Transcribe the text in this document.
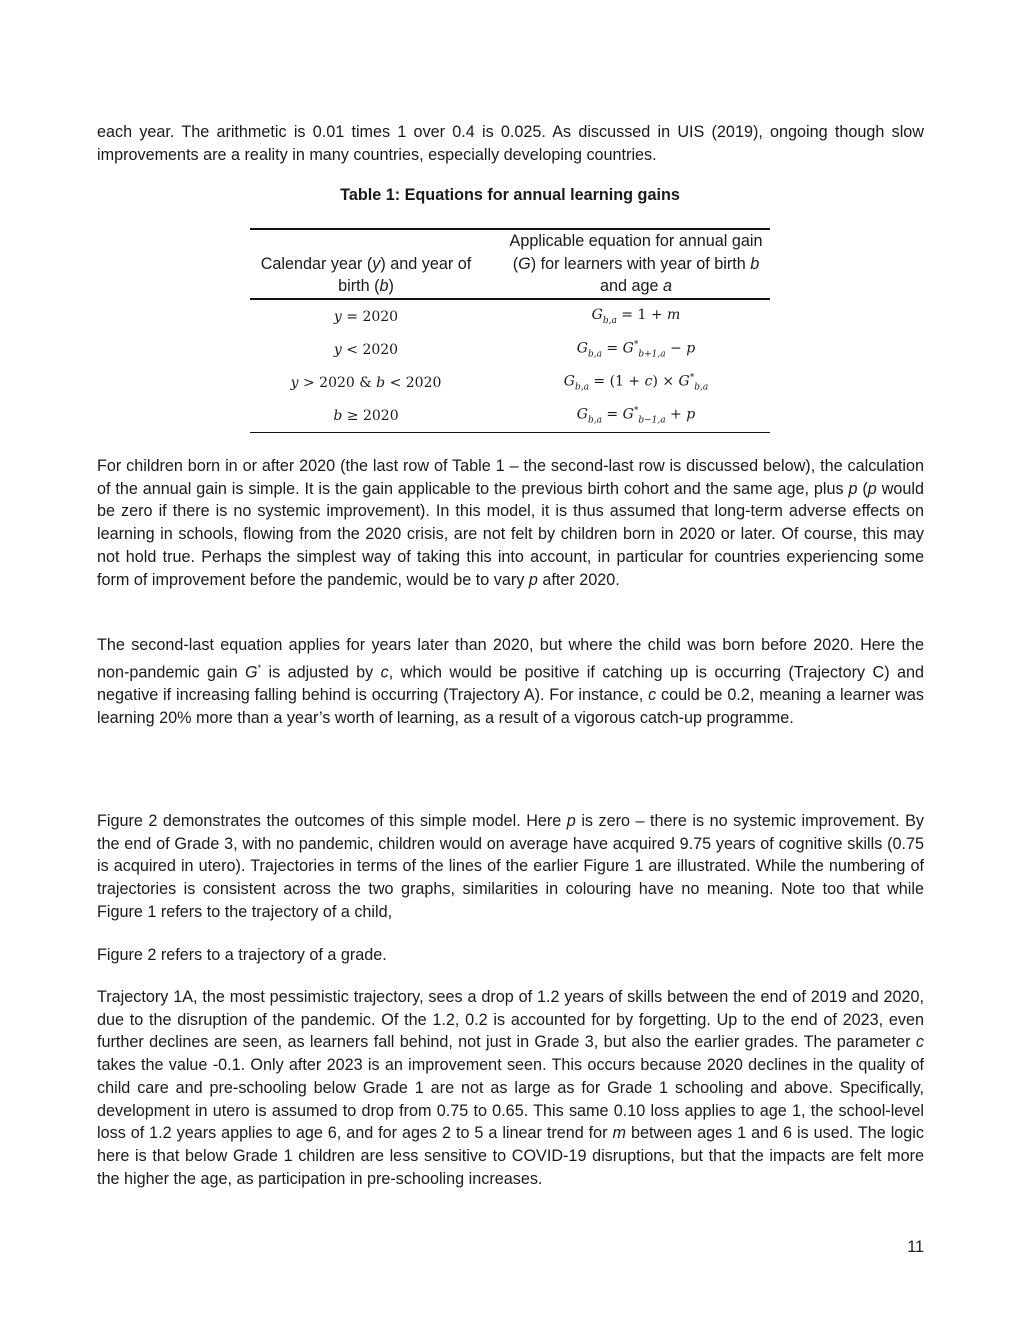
each year. The arithmetic is 0.01 times 1 over 0.4 is 0.025. As discussed in UIS (2019), ongoing though slow improvements are a reality in many countries, especially developing countries.

Table 1: Equations for annual learning gains
Calendar year (y) and year of birth (b)	Applicable equation for annual gain (G) for learners with year of birth b and age a
y = 2020	$G_{b,a} = 1 + m$
y < 2020	$G_{b,a} = G^*_{b+1,a} - p$
y > 2020 & b < 2020	$G_{b,a} = (1 + c) \times G^*_{b,a}$
b ≥ 2020	$G_{b,a} = G^*_{b-1,a} + p$

For children born in or after 2020 (the last row of Table 1 – the second-last row is discussed below), the calculation of the annual gain is simple. It is the gain applicable to the previous birth cohort and the same age, plus p (p would be zero if there is no systemic improvement). In this model, it is thus assumed that long-term adverse effects on learning in schools, flowing from the 2020 crisis, are not felt by children born in 2020 or later. Of course, this may not hold true. Perhaps the simplest way of taking this into account, in particular for countries experiencing some form of improvement before the pandemic, would be to vary p after 2020.

The second-last equation applies for years later than 2020, but where the child was born before 2020. Here the non-pandemic gain G* is adjusted by c, which would be positive if catching up is occurring (Trajectory C) and negative if increasing falling behind is occurring (Trajectory A). For instance, c could be 0.2, meaning a learner was learning 20% more than a year’s worth of learning, as a result of a vigorous catch-up programme.

Figure 2 demonstrates the outcomes of this simple model. Here p is zero – there is no systemic improvement. By the end of Grade 3, with no pandemic, children would on average have acquired 9.75 years of cognitive skills (0.75 is acquired in utero). Trajectories in terms of the lines of the earlier Figure 1 are illustrated. While the numbering of trajectories is consistent across the two graphs, similarities in colouring have no meaning. Note too that while Figure 1 refers to the trajectory of a child,

Figure 2 refers to a trajectory of a grade.

Trajectory 1A, the most pessimistic trajectory, sees a drop of 1.2 years of skills between the end of 2019 and 2020, due to the disruption of the pandemic. Of the 1.2, 0.2 is accounted for by forgetting. Up to the end of 2023, even further declines are seen, as learners fall behind, not just in Grade 3, but also the earlier grades. The parameter c takes the value -0.1. Only after 2023 is an improvement seen. This occurs because 2020 declines in the quality of child care and pre-schooling below Grade 1 are not as large as for Grade 1 schooling and above. Specifically, development in utero is assumed to drop from 0.75 to 0.65. This same 0.10 loss applies to age 1, the school-level loss of 1.2 years applies to age 6, and for ages 2 to 5 a linear trend for m between ages 1 and 6 is used. The logic here is that below Grade 1 children are less sensitive to COVID-19 disruptions, but that the impacts are felt more the higher the age, as participation in pre-schooling increases.

11
